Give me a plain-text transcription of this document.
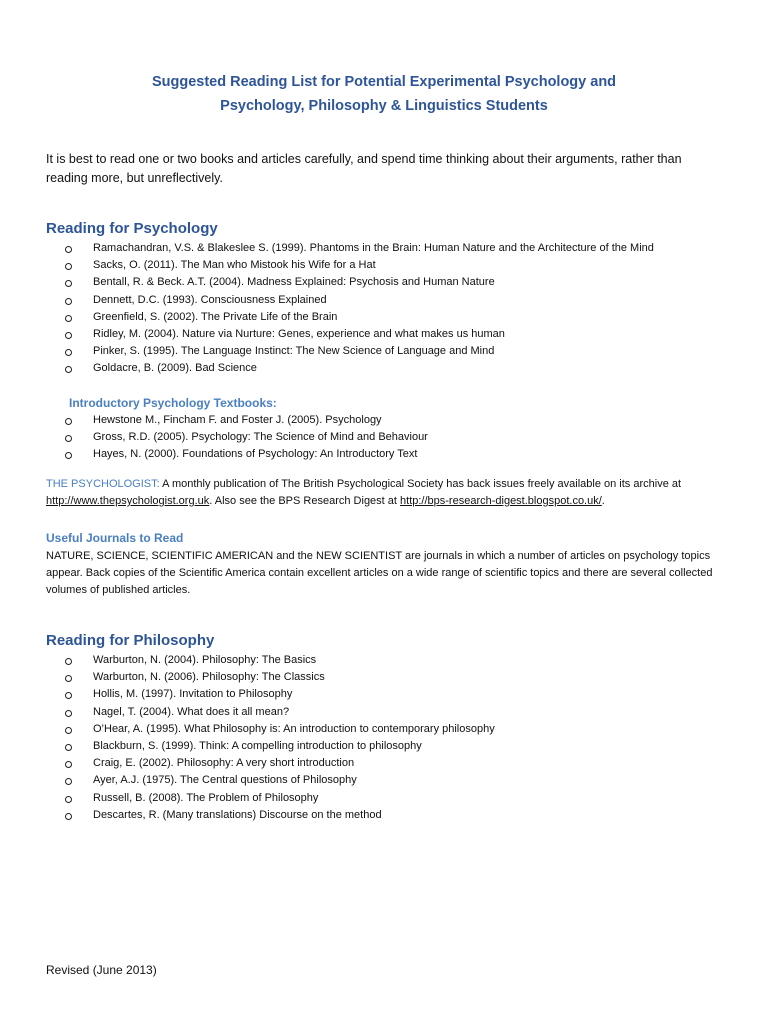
Suggested Reading List for Potential Experimental Psychology and
Psychology, Philosophy & Linguistics Students
It is best to read one or two books and articles carefully, and spend time thinking about their arguments, rather than reading more, but unreflectively.
Reading for Psychology
Ramachandran, V.S. & Blakeslee S. (1999). Phantoms in the Brain: Human Nature and the Architecture of the Mind
Sacks, O. (2011). The Man who Mistook his Wife for a Hat
Bentall, R. & Beck. A.T. (2004). Madness Explained: Psychosis and Human Nature
Dennett, D.C. (1993). Consciousness Explained
Greenfield, S. (2002). The Private Life of the Brain
Ridley, M. (2004). Nature via Nurture: Genes, experience and what makes us human
Pinker, S. (1995). The Language Instinct: The New Science of Language and Mind
Goldacre, B. (2009). Bad Science
Introductory Psychology Textbooks:
Hewstone M., Fincham F. and Foster J. (2005). Psychology
Gross, R.D. (2005). Psychology: The Science of Mind and Behaviour
Hayes, N. (2000). Foundations of Psychology: An Introductory Text
THE PSYCHOLOGIST: A monthly publication of The British Psychological Society has back issues freely available on its archive at
http://www.thepsychologist.org.uk. Also see the BPS Research Digest at http://bps-research-digest.blogspot.co.uk/.
Useful Journals to Read
NATURE, SCIENCE, SCIENTIFIC AMERICAN and the NEW SCIENTIST are journals in which a number of articles on psychology topics appear. Back copies of the Scientific America contain excellent articles on a wide range of scientific topics and there are several collected volumes of published articles.
Reading for Philosophy
Warburton, N. (2004). Philosophy: The Basics
Warburton, N. (2006). Philosophy: The Classics
Hollis, M. (1997). Invitation to Philosophy
Nagel, T. (2004). What does it all mean?
O’Hear, A. (1995). What Philosophy is: An introduction to contemporary philosophy
Blackburn, S. (1999). Think: A compelling introduction to philosophy
Craig, E. (2002). Philosophy: A very short introduction
Ayer, A.J. (1975). The Central questions of Philosophy
Russell, B. (2008). The Problem of Philosophy
Descartes, R. (Many translations) Discourse on the method
Revised (June 2013)
